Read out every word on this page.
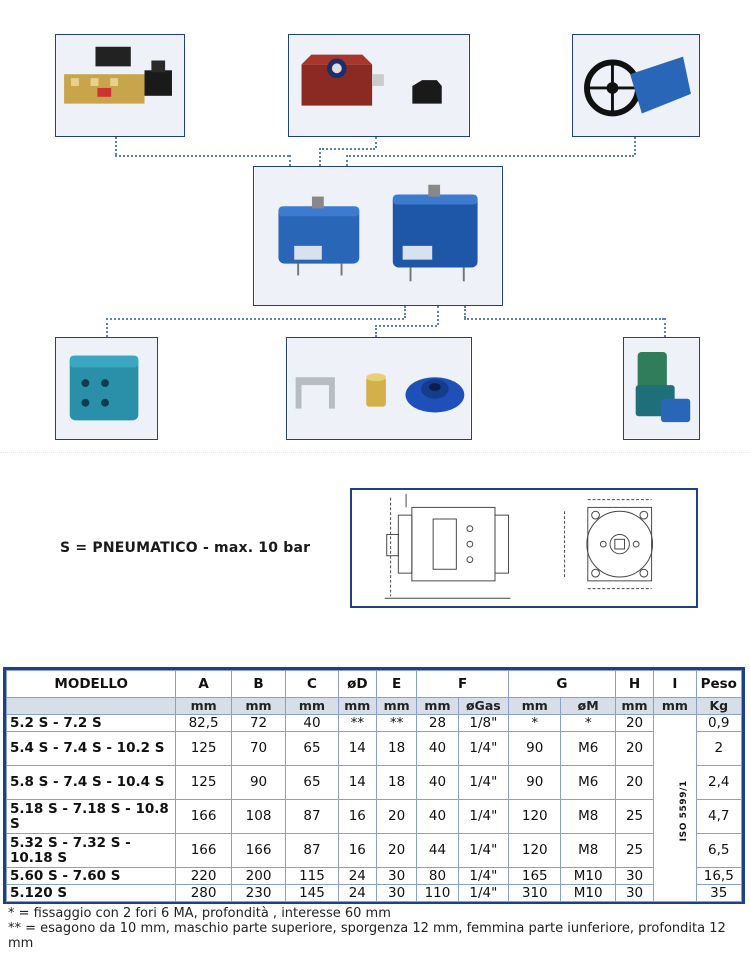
S = PNEUMATICO - max. 10 bar
MODELLO	A	B	C	øD	E	F		G		H	I	Peso
	mm	mm	mm	mm	mm	mm	øGas	mm	øM	mm	mm	Kg
5.2 S - 7.2 S	82,5	72	40	**	**	28	1/8"	*	*	20	ISO 5599/1	0,9
5.4 S - 7.4 S - 10.2 S	125	70	65	14	18	40	1/4"	90	M6	20		2
5.8 S - 7.4 S - 10.4 S	125	90	65	14	18	40	1/4"	90	M6	20		2,4
5.18 S - 7.18 S - 10.8 S	166	108	87	16	20	40	1/4"	120	M8	25		4,7
5.32 S - 7.32 S - 10.18 S	166	166	87	16	20	44	1/4"	120	M8	25		6,5
5.60 S - 7.60 S	220	200	115	24	30	80	1/4"	165	M10	30		16,5
5.120 S	280	230	145	24	30	110	1/4"	310	M10	30		35
* = fissaggio con 2 fori 6 MA, profondità , interesse 60 mm
** = esagono da 10 mm, maschio parte superiore, sporgenza 12 mm, femmina parte iunferiore, profondita 12 mm
